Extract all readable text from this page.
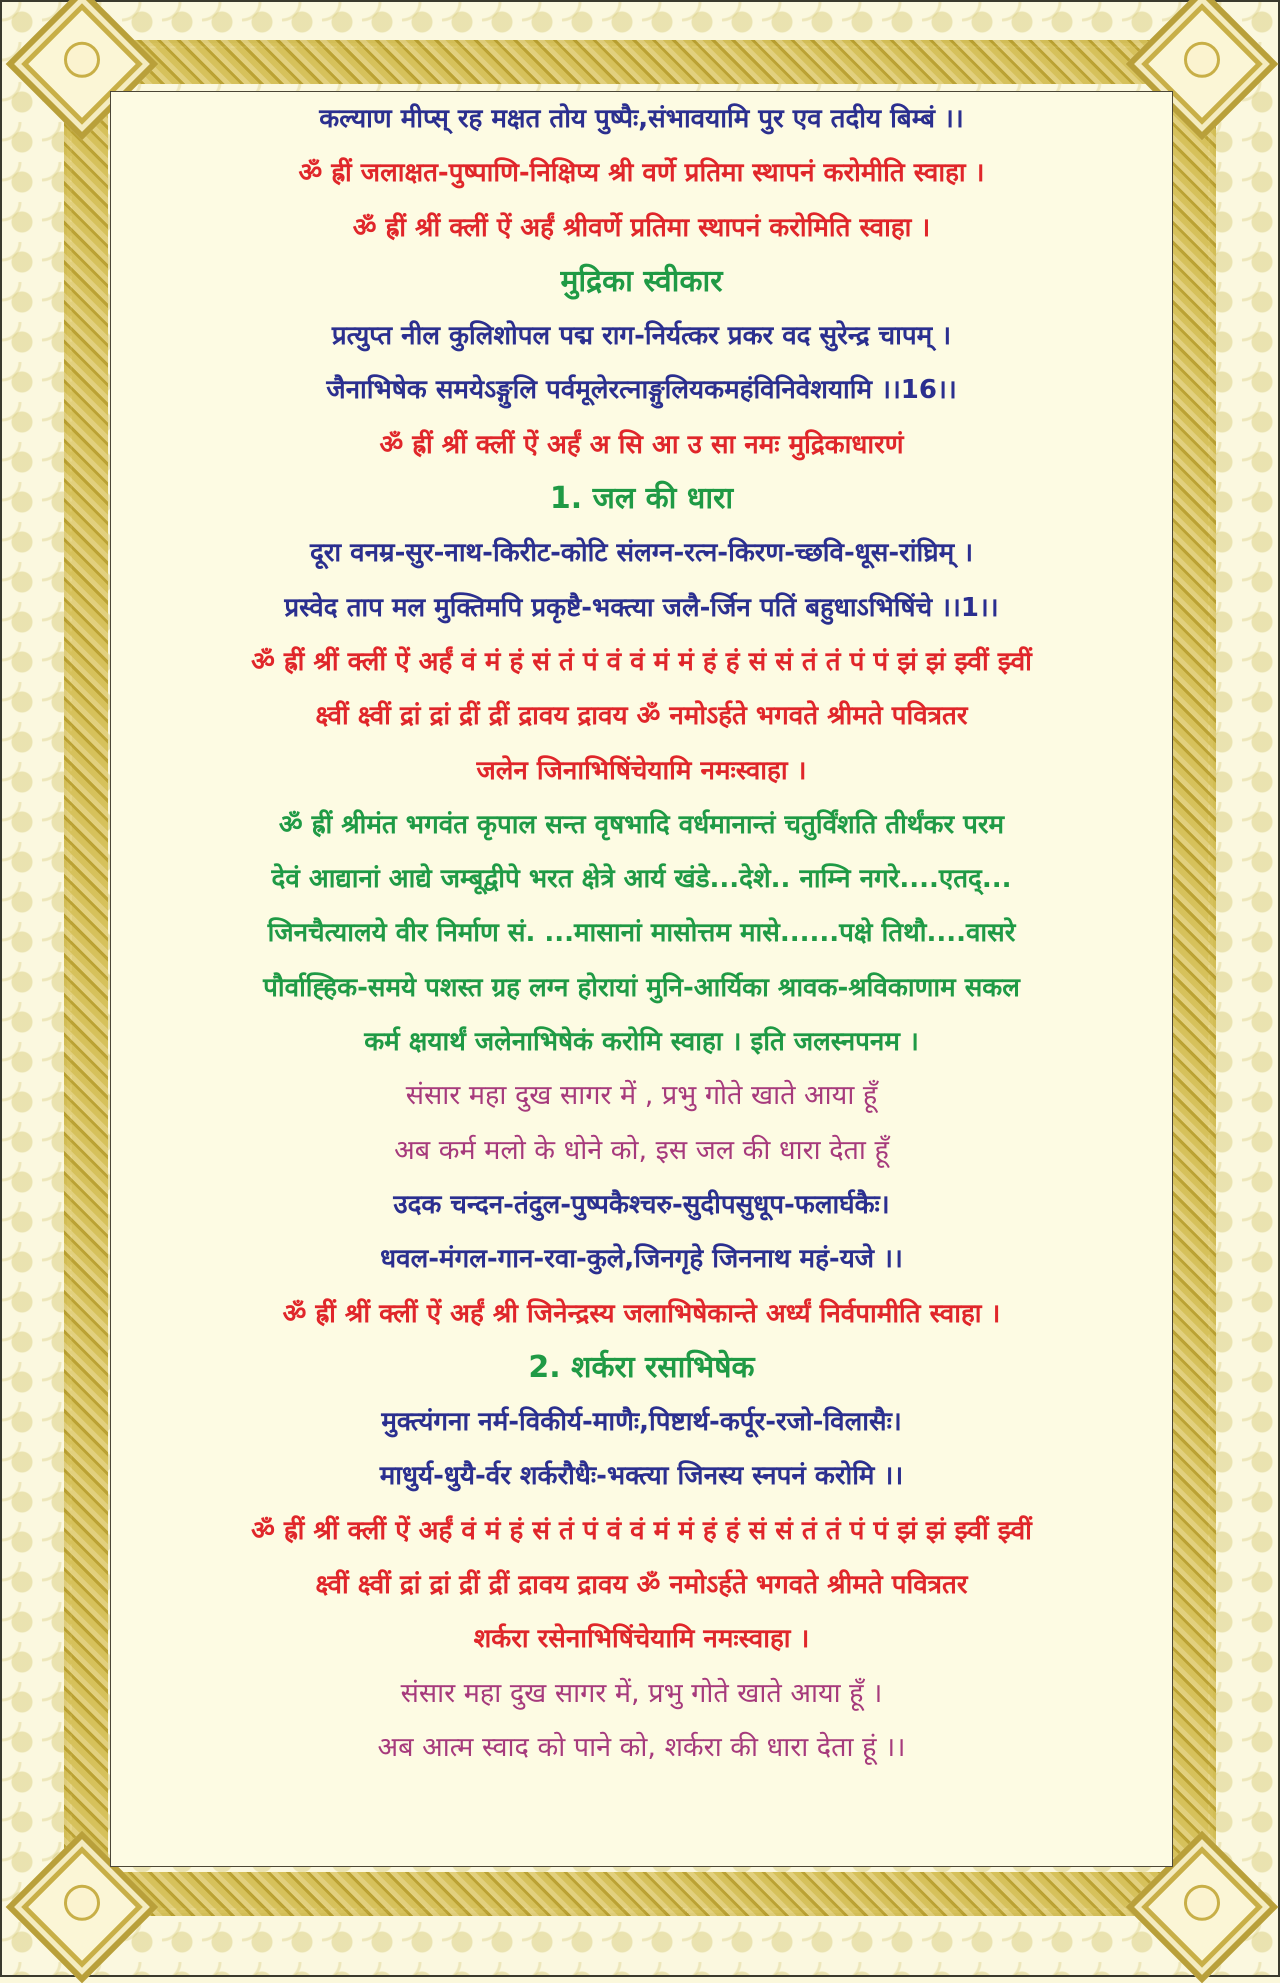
कल्याण मीप्स् रह मक्षत तोय पुष्पैः,संभावयामि पुर एव तदीय बिम्बं ।।
ॐ ह्रीं जलाक्षत-पुष्पाणि-निक्षिप्य श्री वर्णे प्रतिमा स्थापनं करोमीति स्वाहा ।
ॐ ह्रीं श्रीं क्लीं ऐं अर्हं श्रीवर्णे प्रतिमा स्थापनं करोमिति स्वाहा ।
मुद्रिका स्वीकार
प्रत्युप्त नील कुलिशोपल पद्म राग-निर्यत्कर प्रकर वद सुरेन्द्र चापम् ।
जैनाभिषेक समयेऽङ्गुलि पर्वमूलेरत्नाङ्गुलियकमहंविनिवेशयामि ।।16।।
ॐ ह्रीं श्रीं क्लीं ऐं अर्हं अ सि आ उ सा नमः मुद्रिकाधारणं
1. जल की धारा
दूरा वनम्र-सुर-नाथ-किरीट-कोटि संलग्न-रत्न-किरण-च्छवि-धूस-रांघ्रिम् ।
प्रस्वेद ताप मल मुक्तिमपि प्रकृष्टै-भक्त्या जलै-र्जिन पतिं बहुधाऽभिषिंचे ।।1।।
ॐ ह्रीं श्रीं क्लीं ऐं अर्हं वं मं हं सं तं पं वं वं मं मं हं हं सं सं तं तं पं पं झं झं झ्वीं झ्वीं
क्ष्वीं क्ष्वीं द्रां द्रां द्रीं द्रीं द्रावय द्रावय ॐ नमोऽर्हते भगवते श्रीमते पवित्रतर
जलेन जिनाभिषिंचेयामि नमःस्वाहा ।
ॐ ह्रीं श्रीमंत भगवंत कृपाल सन्त वृषभादि वर्धमानान्तं चतुर्विंशति तीर्थंकर परम
देवं आद्यानां आद्ये जम्बूद्वीपे भरत क्षेत्रे आर्य खंडे...देशे.. नाम्नि नगरे....एतद्...
जिनचैत्यालये वीर निर्माण सं. ...मासानां मासोत्तम मासे......पक्षे तिथौ....वासरे
पौर्वाह्हिक-समये पशस्त ग्रह लग्न होरायां मुनि-आर्यिका श्रावक-श्रविकाणाम सकल
कर्म क्षयार्थं जलेनाभिषेकं करोमि स्वाहा । इति जलस्नपनम ।
संसार महा दुख सागर में , प्रभु गोते खाते आया हूँ
अब कर्म मलो के धोने को, इस जल की धारा देता हूँ
उदक चन्दन-तंदुल-पुष्पकैश्चरु-सुदीपसुधूप-फलार्घकैः।
धवल-मंगल-गान-रवा-कुले,जिनगृहे जिननाथ महं-यजे ।।
ॐ ह्रीं श्रीं क्लीं ऐं अर्हं श्री जिनेन्द्रस्य जलाभिषेकान्ते अर्ध्यं निर्वपामीति स्वाहा ।
2. शर्करा रसाभिषेक
मुक्त्यंगना नर्म-विकीर्य-माणैः,पिष्टार्थ-कर्पूर-रजो-विलासैः।
माधुर्य-धुयै-र्वर शर्करौधैः-भक्त्या जिनस्य स्नपनं करोमि ।।
ॐ ह्रीं श्रीं क्लीं ऐं अर्हं वं मं हं सं तं पं वं वं मं मं हं हं सं सं तं तं पं पं झं झं झ्वीं झ्वीं
क्ष्वीं क्ष्वीं द्रां द्रां द्रीं द्रीं द्रावय द्रावय ॐ नमोऽर्हते भगवते श्रीमते पवित्रतर
शर्करा रसेनाभिषिंचेयामि नमःस्वाहा ।
संसार महा दुख सागर में, प्रभु गोते खाते आया हूँ ।
अब आत्म स्वाद को पाने को, शर्करा की धारा देता हूं ।।
